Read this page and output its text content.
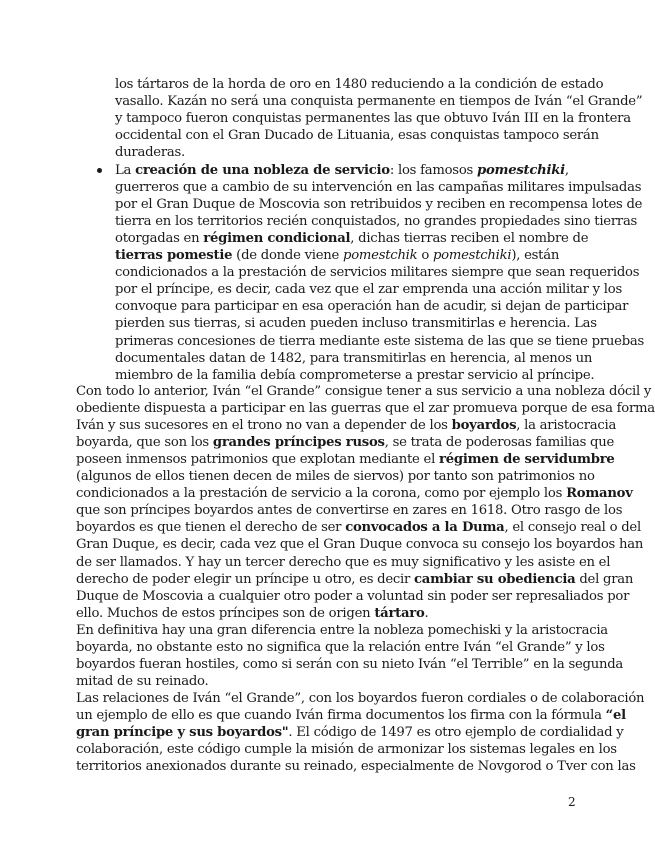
los tártaros de la horda de oro en 1480 reduciendo a la condición de estado
vasallo. Kazán no será una conquista permanente en tiempos de Iván “el Grande”
y tampoco fueron conquistas permanentes las que obtuvo Iván III en la frontera
occidental con el Gran Ducado de Lituania, esas conquistas tampoco serán
duraderas.
La creación de una nobleza de servicio: los famosos pomestchiki,
guerreros que a cambio de su intervención en las campañas militares impulsadas
por el Gran Duque de Moscovia son retribuidos y reciben en recompensa lotes de
tierra en los territorios recién conquistados, no grandes propiedades sino tierras
otorgadas en régimen condicional, dichas tierras reciben el nombre de
tierras pomestie (de donde viene pomestchik o pomestchiki), están
condicionados a la prestación de servicios militares siempre que sean requeridos
por el príncipe, es decir, cada vez que el zar emprenda una acción militar y los
convoque para participar en esa operación han de acudir, si dejan de participar
pierden sus tierras, si acuden pueden incluso transmitirlas e herencia. Las
primeras concesiones de tierra mediante este sistema de las que se tiene pruebas
documentales datan de 1482, para transmitirlas en herencia, al menos un
miembro de la familia debía comprometerse a prestar servicio al príncipe.
Con todo lo anterior, Iván “el Grande” consigue tener a sus servicio a una nobleza dócil y
obediente dispuesta a participar en las guerras que el zar promueva porque de esa forma
Iván y sus sucesores en el trono no van a depender de los boyardos, la aristocracia
boyarda, que son los grandes príncipes rusos, se trata de poderosas familias que
poseen inmensos patrimonios que explotan mediante el régimen de servidumbre
(algunos de ellos tienen decen de miles de siervos) por tanto son patrimonios no
condicionados a la prestación de servicio a la corona, como por ejemplo los Romanov
que son príncipes boyardos antes de convertirse en zares en 1618. Otro rasgo de los
boyardos es que tienen el derecho de ser convocados a la Duma, el consejo real o del
Gran Duque, es decir, cada vez que el Gran Duque convoca su consejo los boyardos han
de ser llamados. Y hay un tercer derecho que es muy significativo y les asiste en el
derecho de poder elegir un príncipe u otro, es decir cambiar su obediencia del gran
Duque de Moscovia a cualquier otro poder a voluntad sin poder ser represaliados por
ello. Muchos de estos príncipes son de origen tártaro.
En definitiva hay una gran diferencia entre la nobleza pomechiski y la aristocracia
boyarda, no obstante esto no significa que la relación entre Iván “el Grande” y los
boyardos fueran hostiles, como si serán con su nieto Iván “el Terrible” en la segunda
mitad de su reinado.
Las relaciones de Iván “el Grande”, con los boyardos fueron cordiales o de colaboración
un ejemplo de ello es que cuando Iván firma documentos los firma con la fórmula “el
gran príncipe y sus boyardos". El código de 1497 es otro ejemplo de cordialidad y
colaboración, este código cumple la misión de armonizar los sistemas legales en los
territorios anexionados durante su reinado, especialmente de Novgorod o Tver con las
2
